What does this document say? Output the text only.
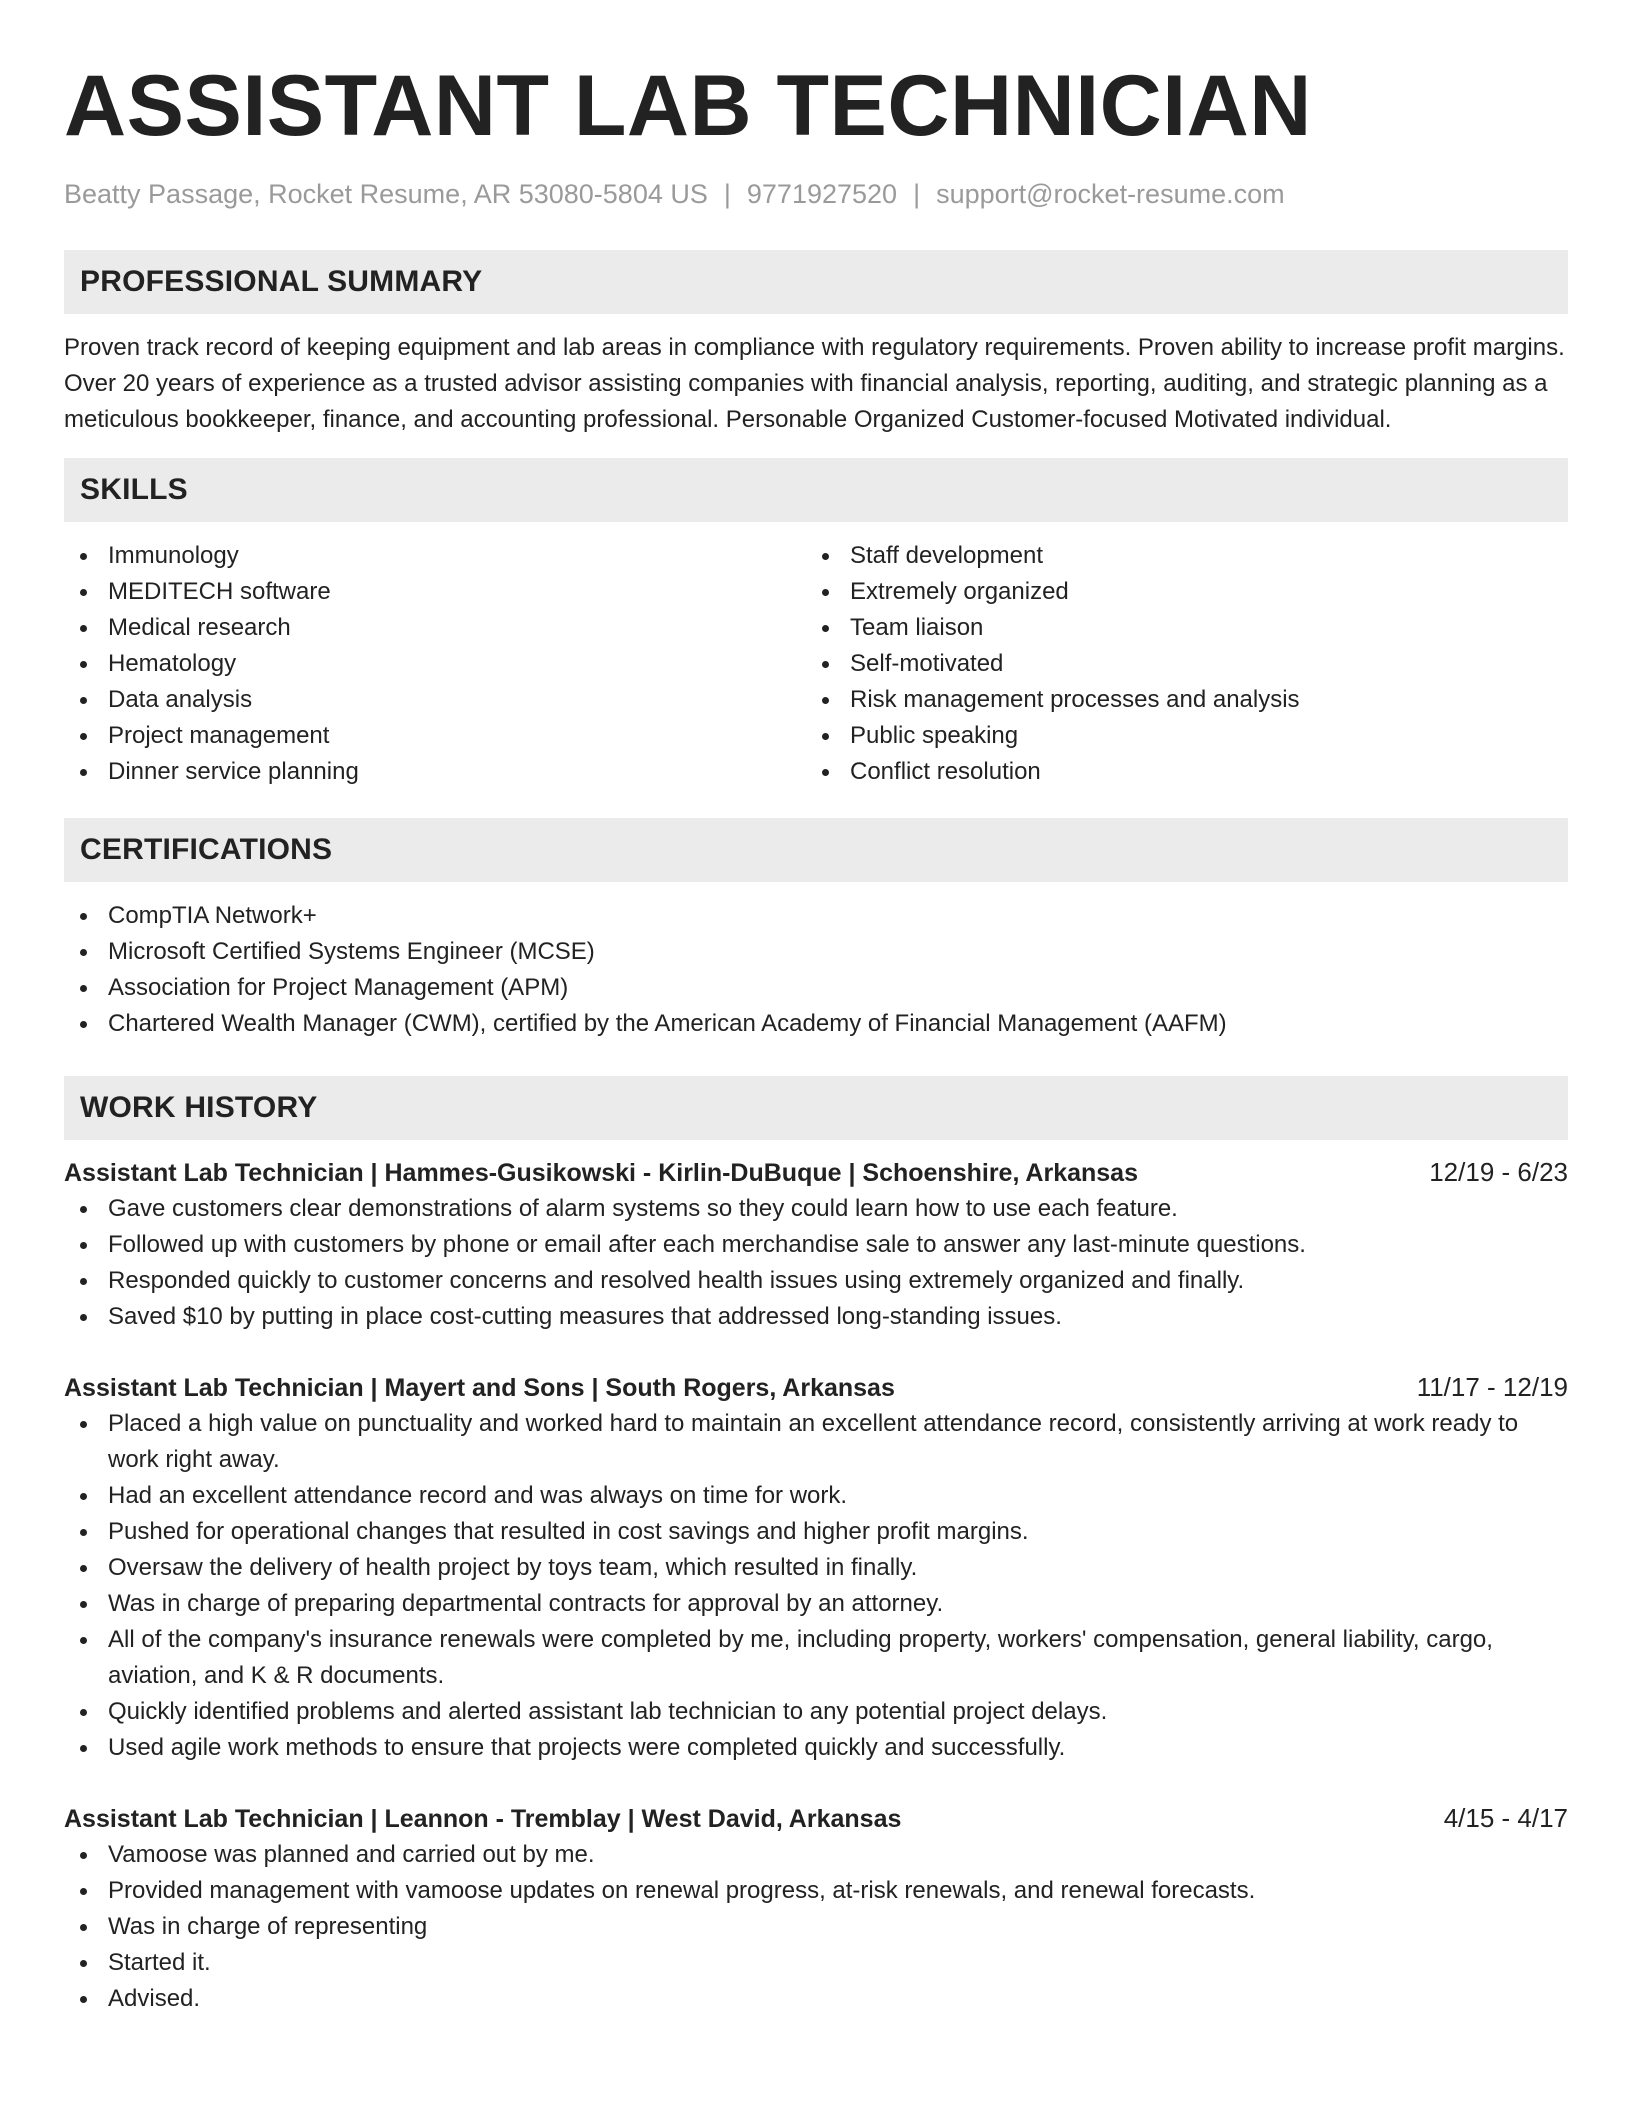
ASSISTANT LAB TECHNICIAN
Beatty Passage, Rocket Resume, AR 53080-5804 US | 9771927520 | support@rocket-resume.com
PROFESSIONAL SUMMARY

Proven track record of keeping equipment and lab areas in compliance with regulatory requirements. Proven ability to increase profit margins. Over 20 years of experience as a trusted advisor assisting companies with financial analysis, reporting, auditing, and strategic planning as a meticulous bookkeeper, finance, and accounting professional. Personable Organized Customer-focused Motivated individual.

SKILLS
Immunology
MEDITECH software
Medical research
Hematology
Data analysis
Project management
Dinner service planning
Staff development
Extremely organized
Team liaison
Self-motivated
Risk management processes and analysis
Public speaking
Conflict resolution
CERTIFICATIONS
CompTIA Network+
Microsoft Certified Systems Engineer (MCSE)
Association for Project Management (APM)
Chartered Wealth Manager (CWM), certified by the American Academy of Financial Management (AAFM)
WORK HISTORY
Assistant Lab Technician | Hammes-Gusikowski - Kirlin-DuBuque | Schoenshire, Arkansas	12/19 - 6/23
Gave customers clear demonstrations of alarm systems so they could learn how to use each feature.
Followed up with customers by phone or email after each merchandise sale to answer any last-minute questions.
Responded quickly to customer concerns and resolved health issues using extremely organized and finally.
Saved $10 by putting in place cost-cutting measures that addressed long-standing issues.
Assistant Lab Technician | Mayert and Sons | South Rogers, Arkansas	11/17 - 12/19
Placed a high value on punctuality and worked hard to maintain an excellent attendance record, consistently arriving at work ready to work right away.
Had an excellent attendance record and was always on time for work.
Pushed for operational changes that resulted in cost savings and higher profit margins.
Oversaw the delivery of health project by toys team, which resulted in finally.
Was in charge of preparing departmental contracts for approval by an attorney.
All of the company's insurance renewals were completed by me, including property, workers' compensation, general liability, cargo, aviation, and K & R documents.
Quickly identified problems and alerted assistant lab technician to any potential project delays.
Used agile work methods to ensure that projects were completed quickly and successfully.
Assistant Lab Technician | Leannon - Tremblay | West David, Arkansas	4/15 - 4/17
Vamoose was planned and carried out by me.
Provided management with vamoose updates on renewal progress, at-risk renewals, and renewal forecasts.
Was in charge of representing
Started it.
Advised.
